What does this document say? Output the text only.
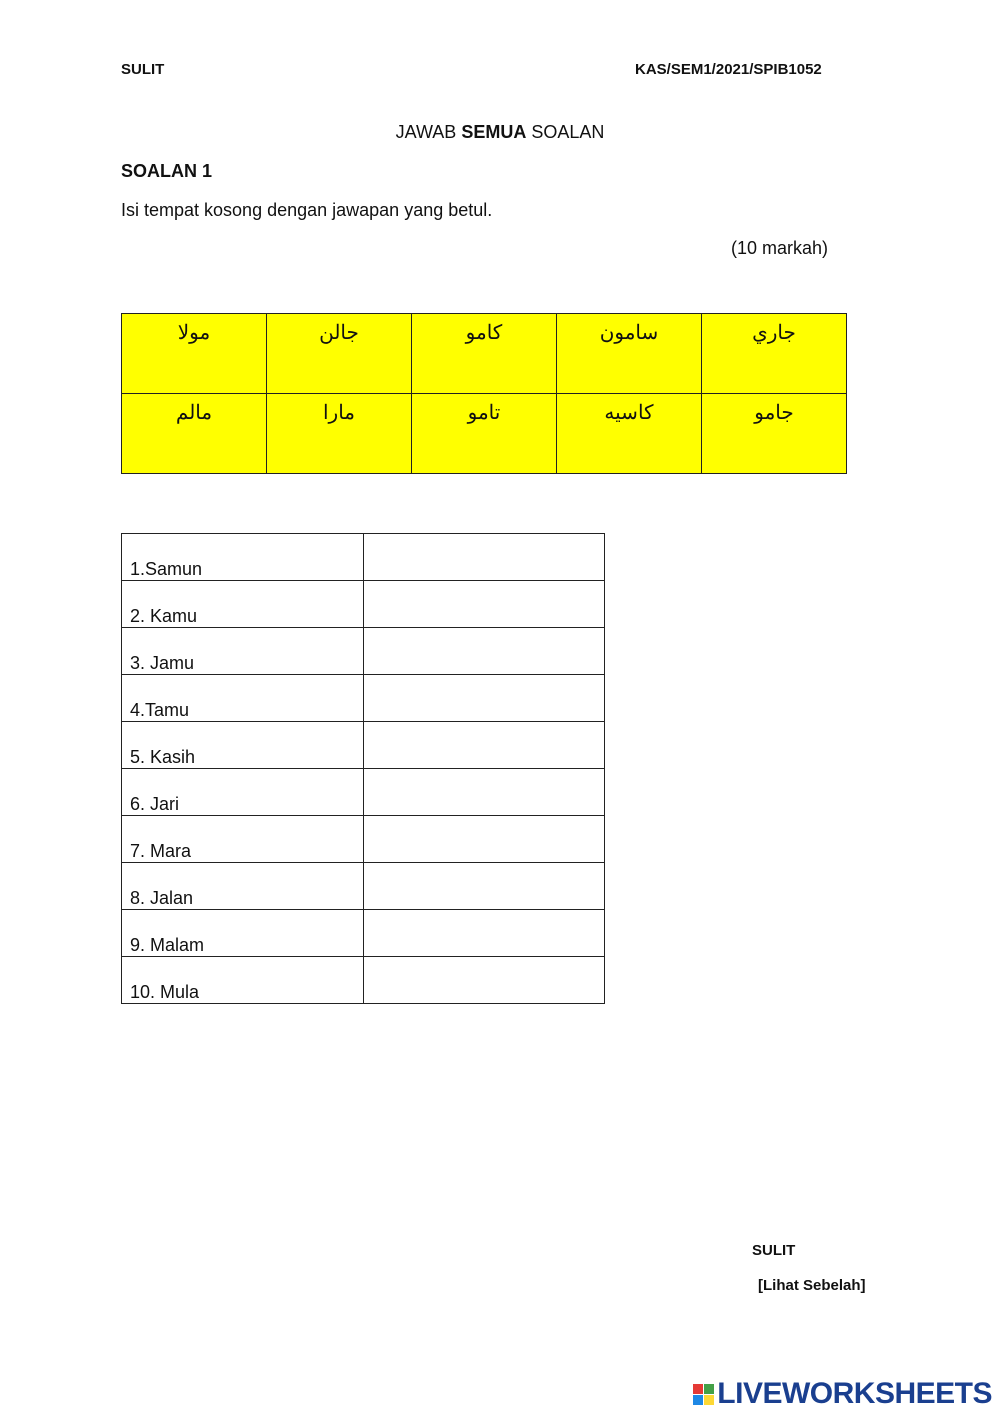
SULIT	KAS/SEM1/2021/SPIB1052
JAWAB SEMUA SOALAN
SOALAN 1
Isi tempat kosong dengan jawapan yang betul.
(10 markah)
مولا	جالن	كامو	سامون	جاري
مالم	مارا	تامو	كاسيه	جامو
1.Samun	
2. Kamu	
3. Jamu	
4.Tamu	
5. Kasih	
6. Jari	
7. Mara	
8. Jalan	
9. Malam	
10. Mula	
SULIT
[Lihat Sebelah]
LIVEWORKSHEETS
